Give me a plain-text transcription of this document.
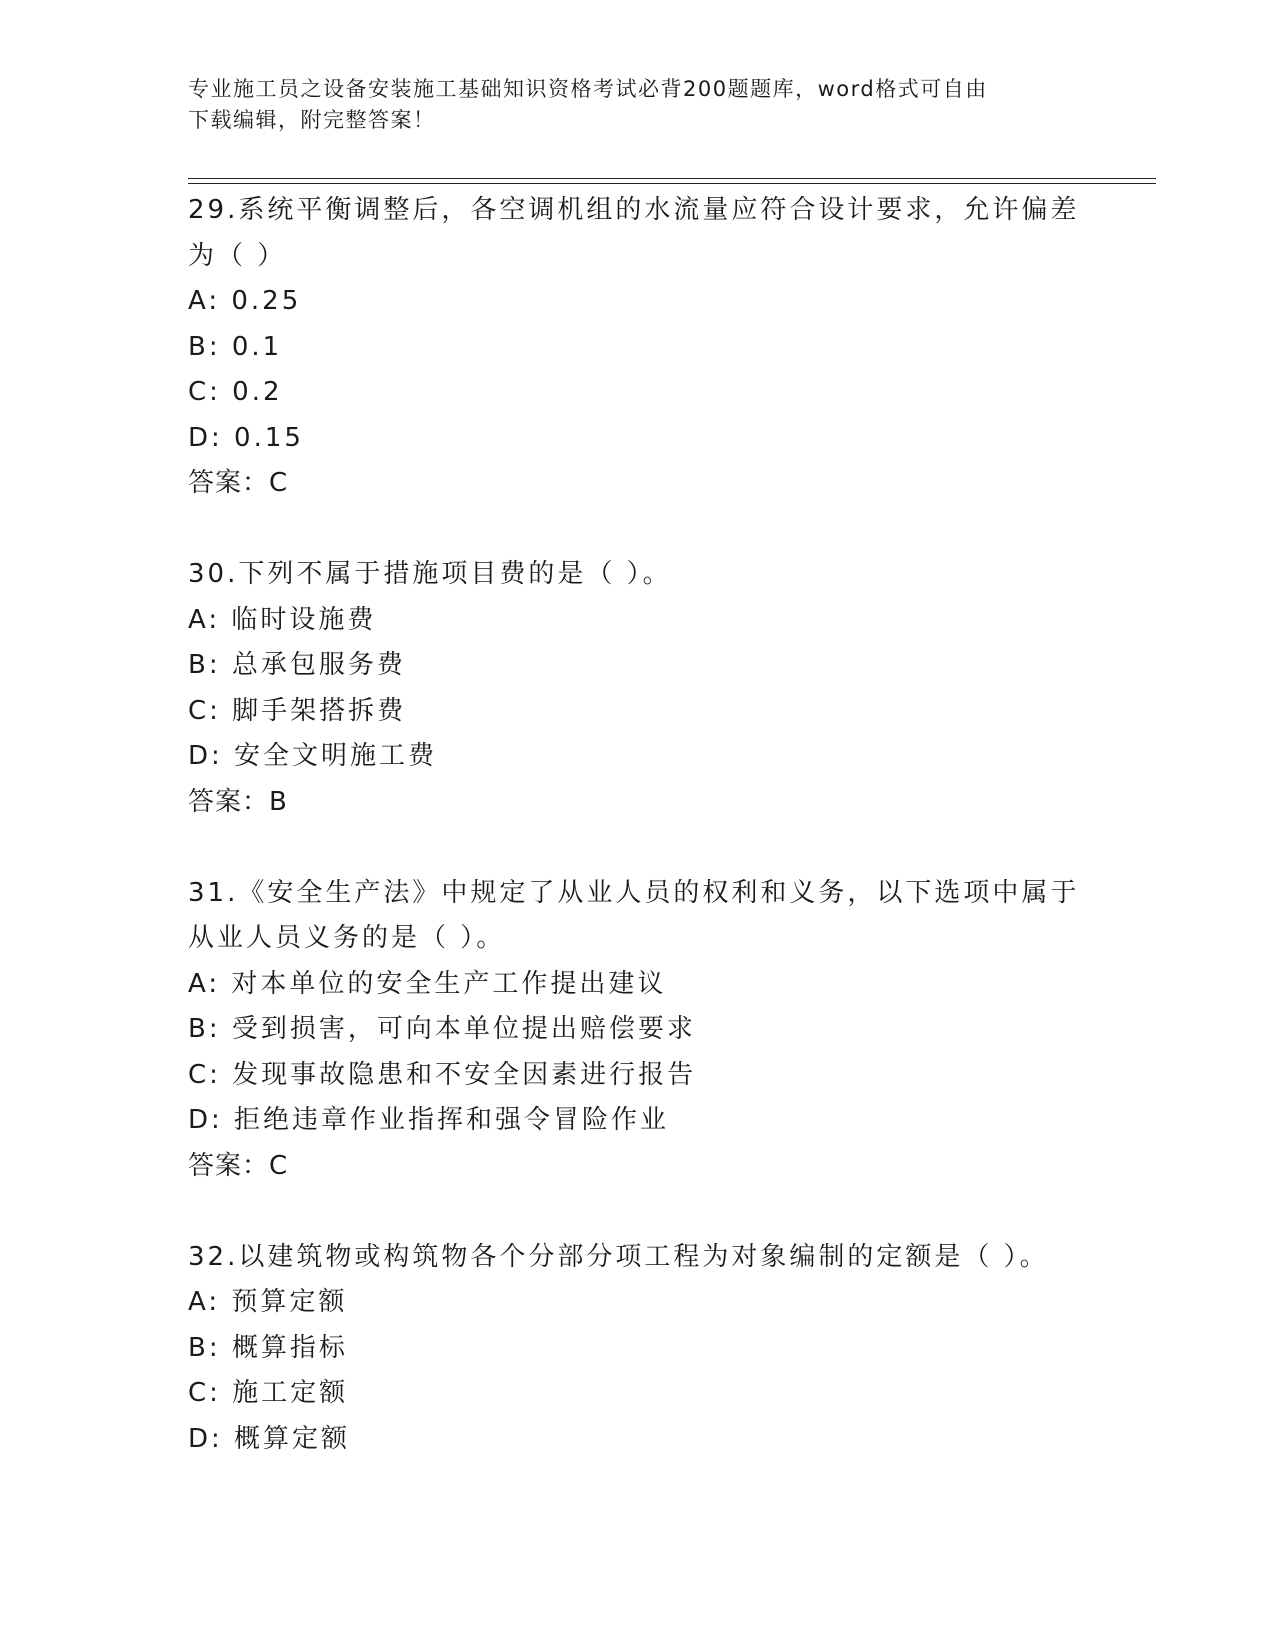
专业施工员之设备安装施工基础知识资格考试必背200题题库，word格式可自由
下载编辑，附完整答案！
29.系统平衡调整后，各空调机组的水流量应符合设计要求，允许偏差
为（ ）
A: 0.25
B: 0.1
C: 0.2
D: 0.15
答案：C
30.下列不属于措施项目费的是（ ）。
A: 临时设施费
B: 总承包服务费
C: 脚手架搭拆费
D: 安全文明施工费
答案：B
31.《安全生产法》中规定了从业人员的权利和义务，以下选项中属于
从业人员义务的是（ ）。
A: 对本单位的安全生产工作提出建议
B: 受到损害，可向本单位提出赔偿要求
C: 发现事故隐患和不安全因素进行报告
D: 拒绝违章作业指挥和强令冒险作业
答案：C
32.以建筑物或构筑物各个分部分项工程为对象编制的定额是（ ）。
A: 预算定额
B: 概算指标
C: 施工定额
D: 概算定额
